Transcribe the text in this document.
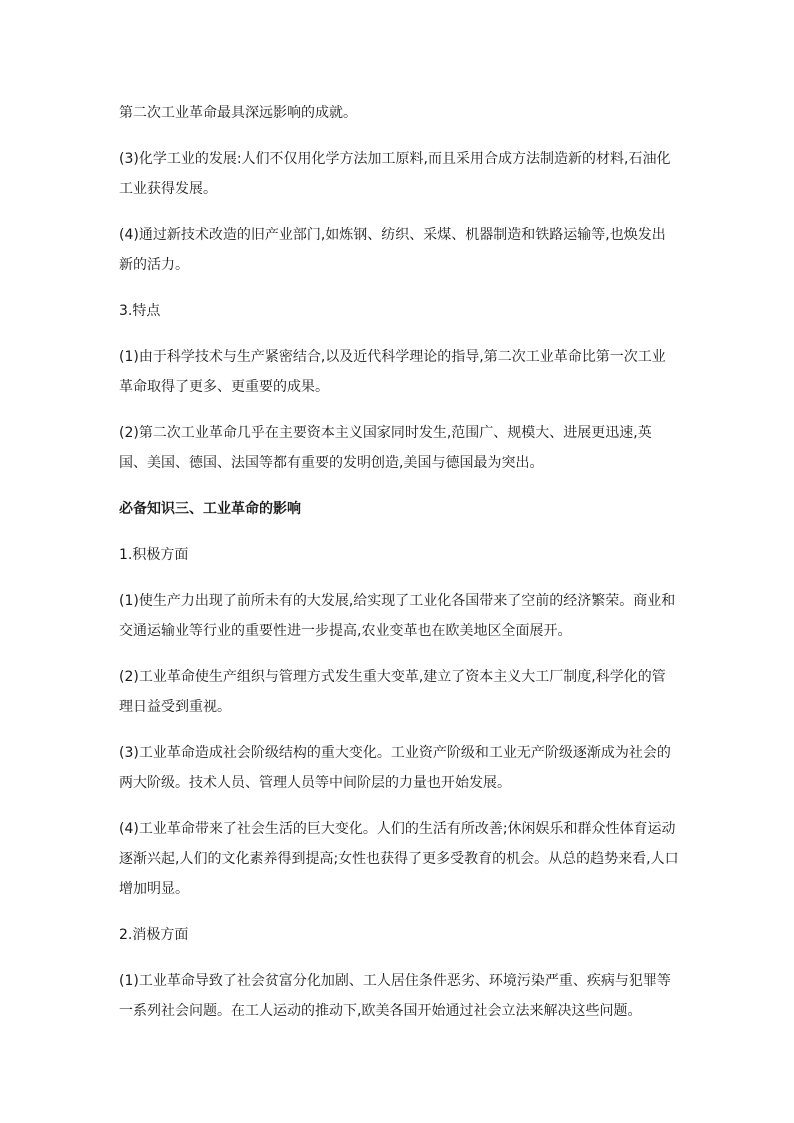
第二次工业革命最具深远影响的成就。

(3)化学工业的发展:人们不仅用化学方法加工原料,而且采用合成方法制造新的材料,石油化工业获得发展。

(4)通过新技术改造的旧产业部门,如炼钢、纺织、采煤、机器制造和铁路运输等,也焕发出新的活力。

3.特点

(1)由于科学技术与生产紧密结合,以及近代科学理论的指导,第二次工业革命比第一次工业革命取得了更多、更重要的成果。

(2)第二次工业革命几乎在主要资本主义国家同时发生,范围广、规模大、进展更迅速,英国、美国、德国、法国等都有重要的发明创造,美国与德国最为突出。

必备知识三、工业革命的影响

1.积极方面

(1)使生产力出现了前所未有的大发展,给实现了工业化各国带来了空前的经济繁荣。商业和交通运输业等行业的重要性进一步提高,农业变革也在欧美地区全面展开。

(2)工业革命使生产组织与管理方式发生重大变革,建立了资本主义大工厂制度,科学化的管理日益受到重视。

(3)工业革命造成社会阶级结构的重大变化。工业资产阶级和工业无产阶级逐渐成为社会的两大阶级。技术人员、管理人员等中间阶层的力量也开始发展。

(4)工业革命带来了社会生活的巨大变化。人们的生活有所改善;休闲娱乐和群众性体育运动逐渐兴起,人们的文化素养得到提高;女性也获得了更多受教育的机会。从总的趋势来看,人口增加明显。

2.消极方面

(1)工业革命导致了社会贫富分化加剧、工人居住条件恶劣、环境污染严重、疾病与犯罪等一系列社会问题。在工人运动的推动下,欧美各国开始通过社会立法来解决这些问题。
